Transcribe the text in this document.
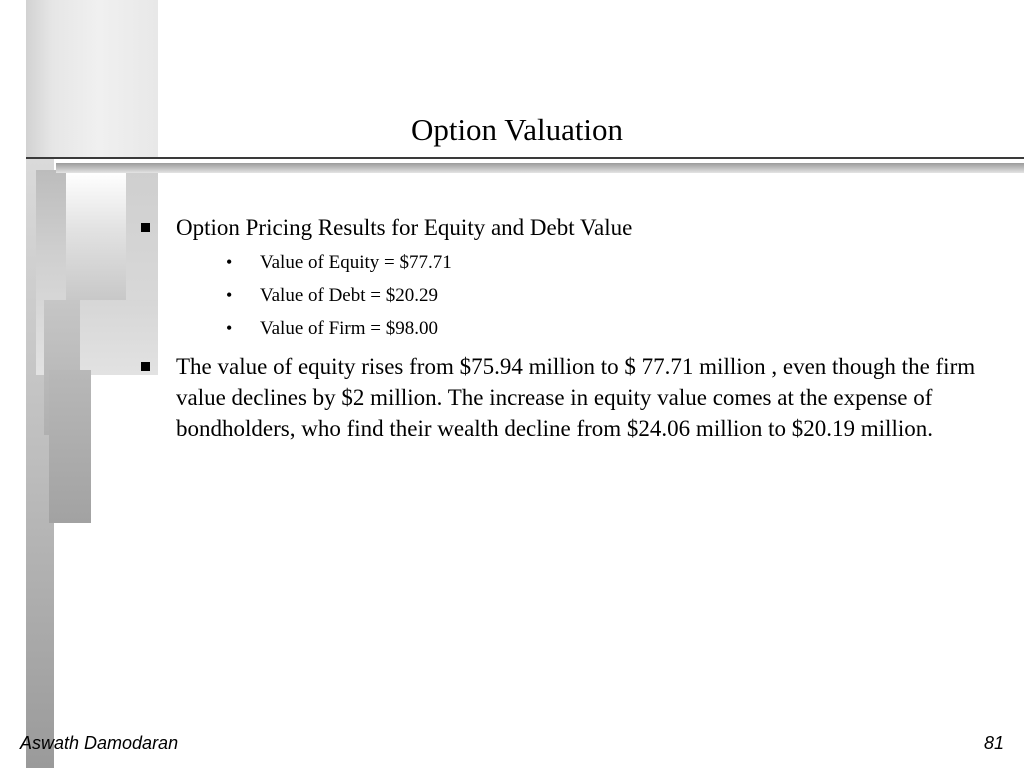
Option Valuation
Option Pricing Results for Equity and Debt Value
• Value of Equity = $77.71
• Value of Debt = $20.29
• Value of Firm = $98.00
The value of equity rises from $75.94 million to $ 77.71 million , even though the firm value declines by $2 million. The increase in equity value comes at the expense of bondholders, who find their wealth decline from $24.06 million to $20.19 million.
Aswath Damodaran	81
